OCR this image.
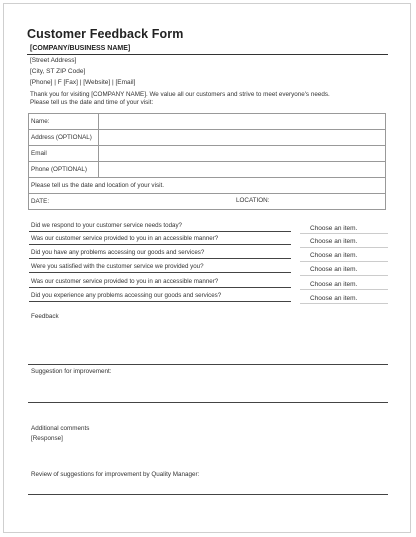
Customer Feedback Form
[COMPANY/BUSINESS NAME]
[Street Address]
[City, ST ZIP Code]
[Phone] | F [Fax] | [Website] | [Email]
Thank you for visiting [COMPANY NAME]. We value all our customers and strive to meet everyone's needs.
Please tell us the date and time of your visit:
Name:	
Address (OPTIONAL)	
Email	
Phone (OPTIONAL)	
Please tell us the date and location of your visit.	
DATE: LOCATION:	
Did we respond to your customer service needs today?	Choose an item.
Was our customer service provided to you in an accessible manner?	Choose an item.
Did you have any problems accessing our goods and services?	Choose an item.
Were you satisfied with the customer service we provided you?	Choose an item.
Was our customer service provided to you in an accessible manner?	Choose an item.
Did you experience any problems accessing our goods and services?	Choose an item.
Feedback
Suggestion for improvement:
Additional comments
[Response]
Review of suggestions for improvement by Quality Manager:
